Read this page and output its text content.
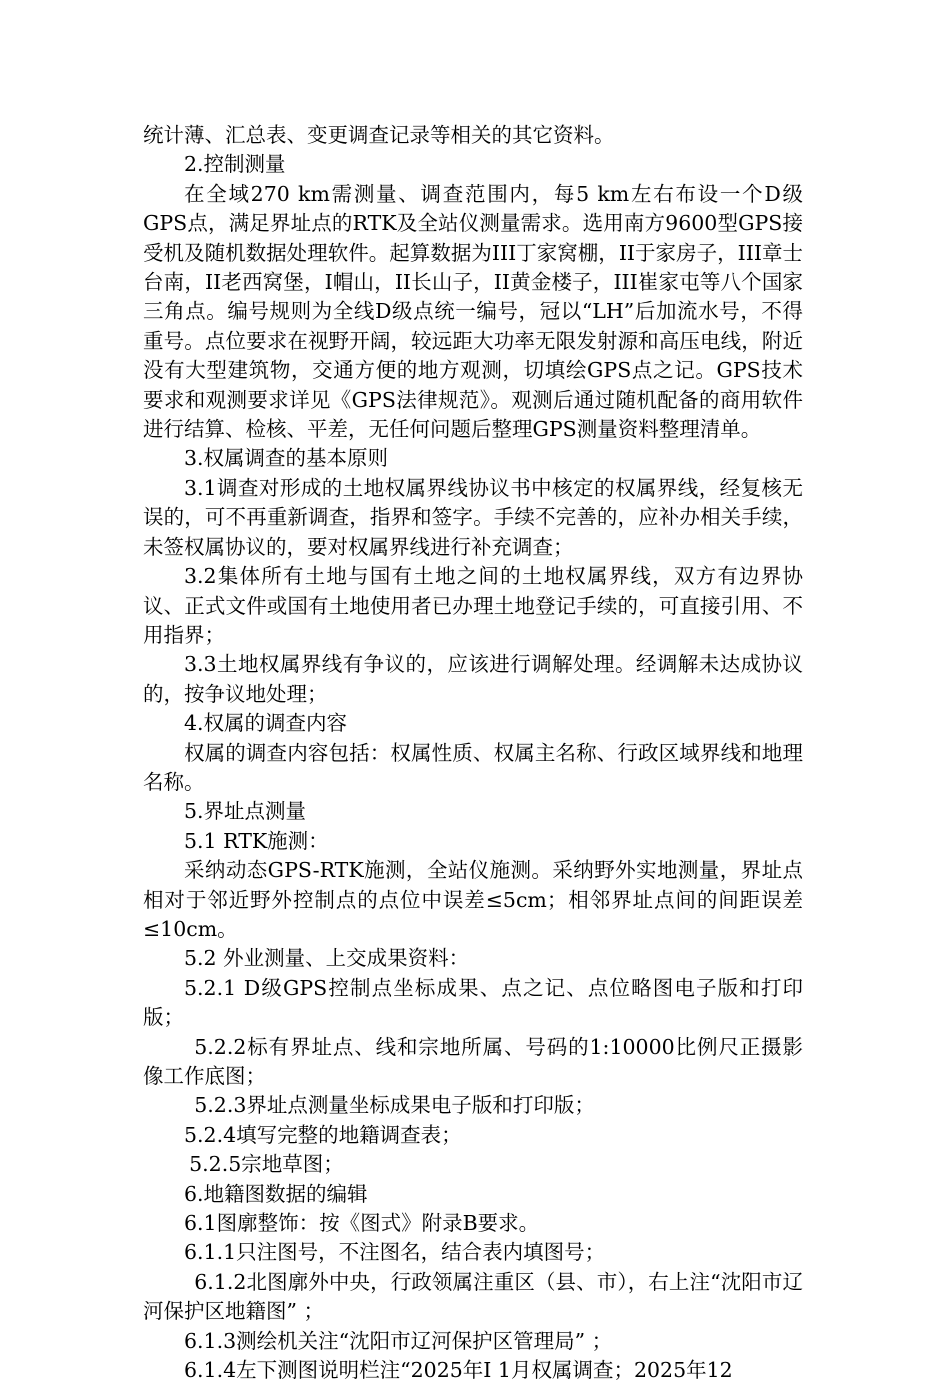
统计薄、汇总表、变更调查记录等相关的其它资料。

2.控制测量

在全域270 km需测量、调查范围内，每5 km左右布设一个D级GPS点，满足界址点的RTK及全站仪测量需求。选用南方9600型GPS接受机及随机数据处理软件。起算数据为III丁家窝棚，II于家房子，III章士台南，II老西窝堡，I帽山，II长山子，II黄金楼子，III崔家屯等八个国家三角点。编号规则为全线D级点统一编号，冠以“LH”后加流水号，不得重号。点位要求在视野开阔，较远距大功率无限发射源和高压电线，附近没有大型建筑物，交通方便的地方观测，切填绘GPS点之记。GPS技术要求和观测要求详见《GPS法律规范》。观测后通过随机配备的商用软件进行结算、检核、平差，无任何问题后整理GPS测量资料整理清单。

3.权属调查的基本原则

3.1调查对形成的土地权属界线协议书中核定的权属界线，经复核无误的，可不再重新调查，指界和签字。手续不完善的，应补办相关手续，未签权属协议的，要对权属界线进行补充调查；

3.2集体所有土地与国有土地之间的土地权属界线，双方有边界协议、正式文件或国有土地使用者已办理土地登记手续的，可直接引用、不用指界；

3.3土地权属界线有争议的，应该进行调解处理。经调解未达成协议的，按争议地处理；

4.权属的调查内容

权属的调查内容包括：权属性质、权属主名称、行政区域界线和地理名称。

5.界址点测量

5.1 RTK施测：

采纳动态GPS-RTK施测，全站仪施测。采纳野外实地测量，界址点相对于邻近野外控制点的点位中误差≤5cm；相邻界址点间的间距误差≤10cm。

5.2 外业测量、上交成果资料：

5.2.1 D级GPS控制点坐标成果、点之记、点位略图电子版和打印版；

5.2.2标有界址点、线和宗地所属、号码的1:10000比例尺正摄影像工作底图；

5.2.3界址点测量坐标成果电子版和打印版；

5.2.4填写完整的地籍调查表；

5.2.5宗地草图；

6.地籍图数据的编辑

6.1图廓整饰：按《图式》附录B要求。

6.1.1只注图号，不注图名，结合表内填图号；

6.1.2北图廓外中央，行政领属注重区（县、市），右上注“沈阳市辽河保护区地籍图” ；

6.1.3测绘机关注“沈阳市辽河保护区管理局” ；

6.1.4左下测图说明栏注“2025年I 1月权属调查；2025年12
